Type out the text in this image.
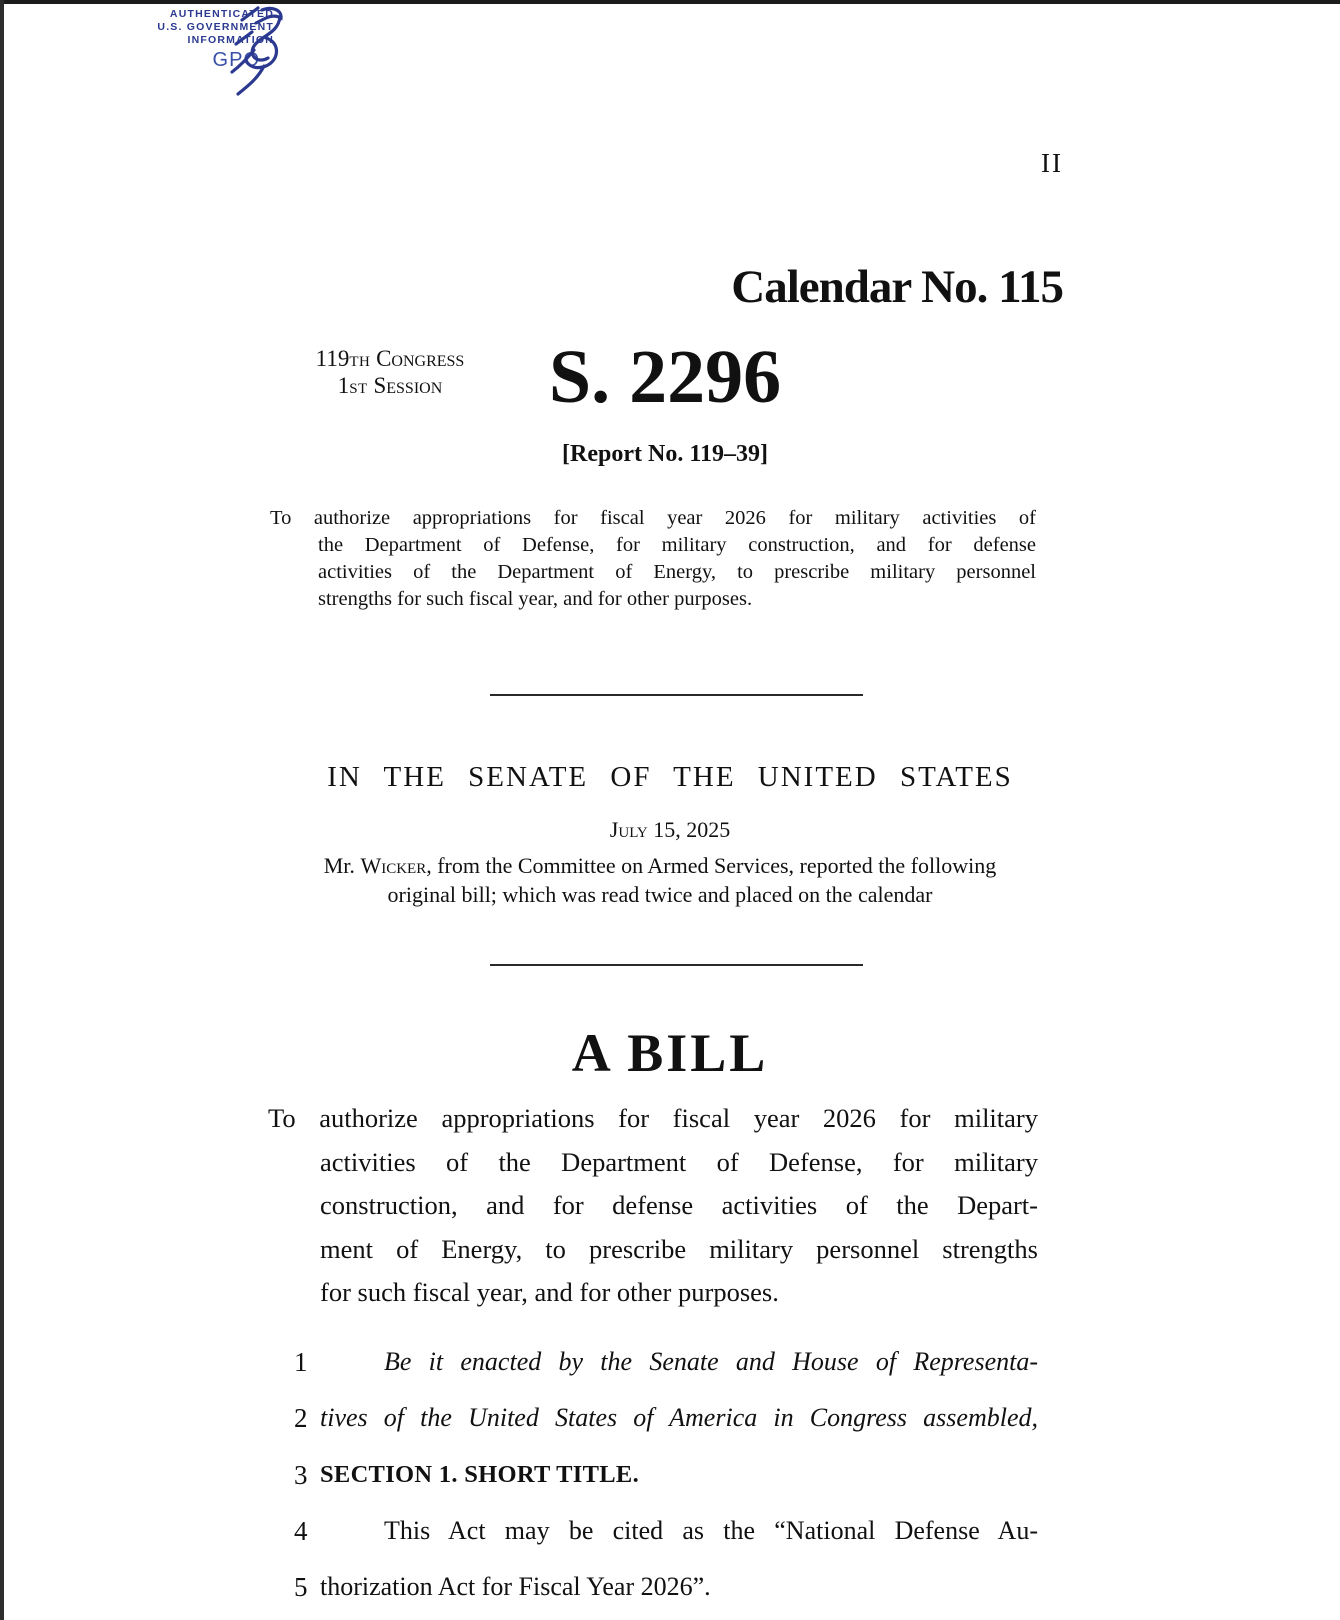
AUTHENTICATED
U.S. GOVERNMENT
INFORMATION
GPO
II
Calendar No. 115
119TH Congress
1ST Session	S. 2296
[Report No. 119–39]
To authorize appropriations for fiscal year 2026 for military activities of
the Department of Defense, for military construction, and for defense
activities of the Department of Energy, to prescribe military personnel
strengths for such fiscal year, and for other purposes.
IN THE SENATE OF THE UNITED STATES
July 15, 2025
Mr. Wicker, from the Committee on Armed Services, reported the following
original bill; which was read twice and placed on the calendar
A BILL
To authorize appropriations for fiscal year 2026 for military
activities of the Department of Defense, for military
construction, and for defense activities of the Depart-
ment of Energy, to prescribe military personnel strengths
for such fiscal year, and for other purposes.
1	Be it enacted by the Senate and House of Representa-
2 tives of the United States of America in Congress assembled,
3 SECTION 1. SHORT TITLE.
4	This Act may be cited as the “National Defense Au-
5 thorization Act for Fiscal Year 2026”.
